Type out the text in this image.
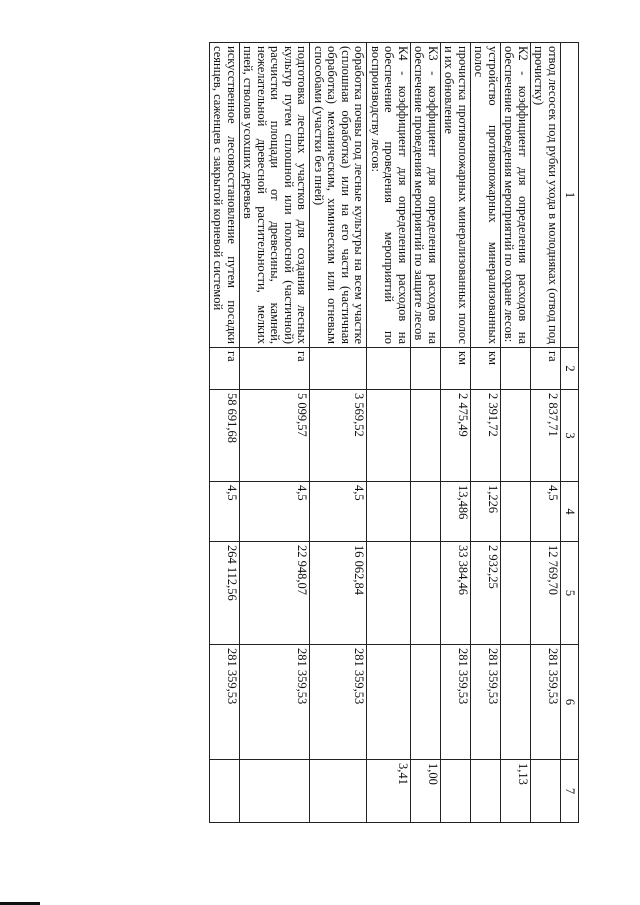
1	2	3	4	5	6	7
отвод лесосек под рубки ухода в молодняках (отвод под прочистку)	га	2 837,71	4,5	12 769,70	281 359,53	
К2 - коэффициент для определения расходов на обеспечение проведения мероприятий по охране лесов:						1,13
устройство противопожарных минерализованных полос	км	2 391,72	1,226	2 932,25	281 359,53	
прочистка противопожарных минерализованных полос и их обновление	км	2 475,49	13,486	33 384,46	281 359,53	
К3 - коэффициент для определения расходов на обеспечение проведения мероприятий по защите лесов						1,00
К4 - коэффициент для определения расходов на обеспечение проведения мероприятий по воспроизводству лесов:						3,41
обработка почвы под лесные культуры на всем участке (сплошная обработка) или на его части (частичная обработка) механическим, химическим или огневым способами (участки без пней)		3 569,52	4,5	16 062,84	281 359,53	
подготовка лесных участков для создания лесных культур путем сплошной или полосной (частичной) расчистки площади от древесины, камней, нежелательной древесной растительности, мелких пней, стволов усохших деревьев	га	5 099,57	4,5	22 948,07	281 359,53	
искусственное лесовосстановление путем посадки сеянцев, саженцев с закрытой корневой системой	га	58 691,68	4,5	264 112,56	281 359,53	
